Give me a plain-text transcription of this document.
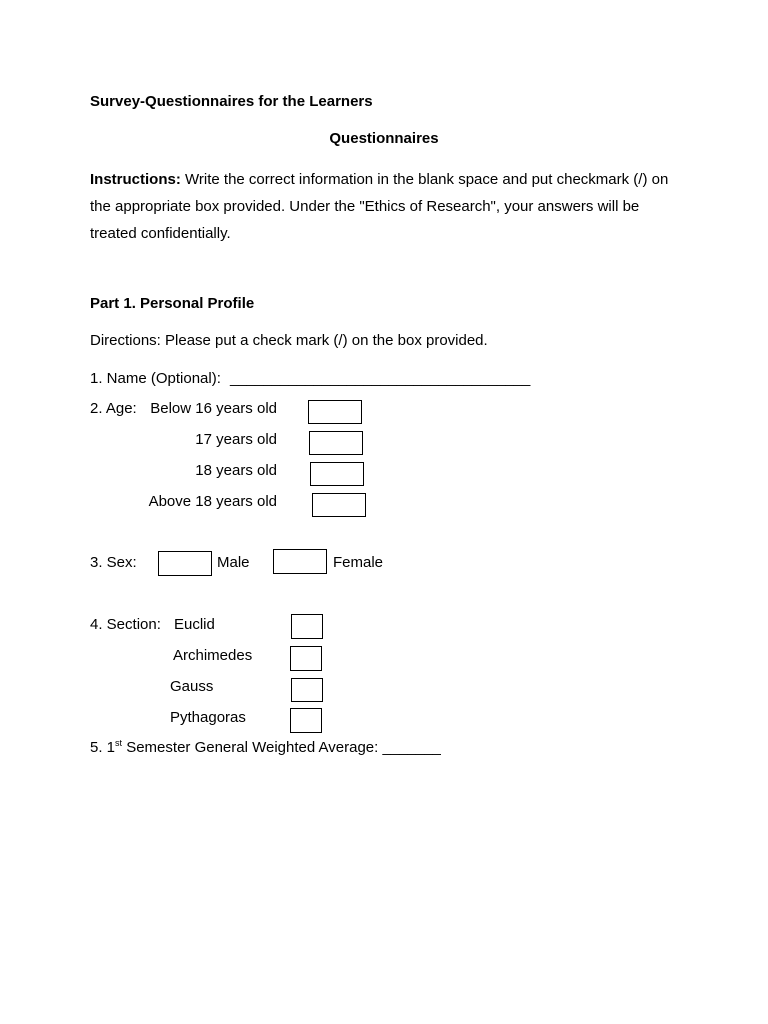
Survey-Questionnaires for the Learners
Questionnaires
Instructions: Write the correct information in the blank space and put checkmark (/) on the appropriate box provided. Under the "Ethics of Research", your answers will be treated confidentially.
Part 1. Personal Profile
Directions: Please put a check mark (/) on the box provided.
1. Name (Optional): ____________________________________
2. Age: Below 16 years old
17 years old
18 years old
Above 18 years old
3. Sex:	Male	Female
4. Section: Euclid
Archimedes
Gauss
Pythagoras
5. 1st Semester General Weighted Average: _______
